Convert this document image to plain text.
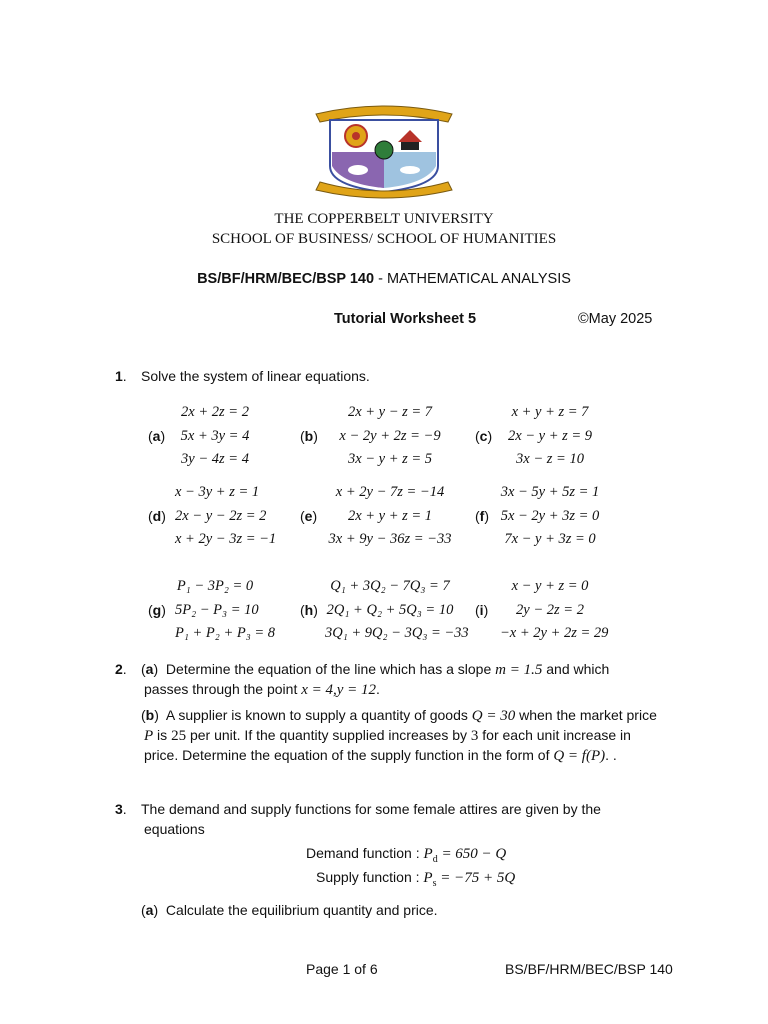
THE COPPERBELT UNIVERSITY
SCHOOL OF BUSINESS/ SCHOOL OF HUMANITIES
BS/BF/HRM/BEC/BSP 140 - MATHEMATICAL ANALYSIS
Tutorial Worksheet 5	©May 2025
1. Solve the system of linear equations.
(a)
2x + 2z = 2
5x + 3y = 4
3y − 4z = 4
(b)
2x + y − z = 7
x − 2y + 2z = −9
3x − y + z = 5
(c)
x + y + z = 7
2x − y + z = 9
3x − z = 10
(d)
x − 3y + z = 1
2x − y − 2z = 2
x + 2y − 3z = −1
(e)
x + 2y − 7z = −14
2x + y + z = 1
3x + 9y − 36z = −33
(f)
3x − 5y + 5z = 1
5x − 2y + 3z = 0
7x − y + 3z = 0
(g)
P₁ − 3P₂ = 0
5P₂ − P₃ = 10
P₁ + P₂ + P₃ = 8
(h)
Q₁ + 3Q₂ − 7Q₃ = 7
2Q₁ + Q₂ + 5Q₃ = 10
3Q₁ + 9Q₂ − 3Q₃ = −33
(i)
x − y + z = 0
2y − 2z = 2
−x + 2y + 2z = 29
2. (a)  Determine the equation of the line which has a slope m = 1.5 and which
passes through the point x = 4,y = 12.
(b)  A supplier is known to supply a quantity of goods Q = 30 when the market price
P is 25 per unit. If the quantity supplied increases by 3 for each unit increase in
price. Determine the equation of the supply function in the form of Q = f(P). .
3. The demand and supply functions for some female attires are given by the
equations
Demand function : $P_d = 650 - Q$
Supply function : $P_s = -75 + 5Q$
(a)  Calculate the equilibrium quantity and price.
Page 1 of 6	BS/BF/HRM/BEC/BSP 140
